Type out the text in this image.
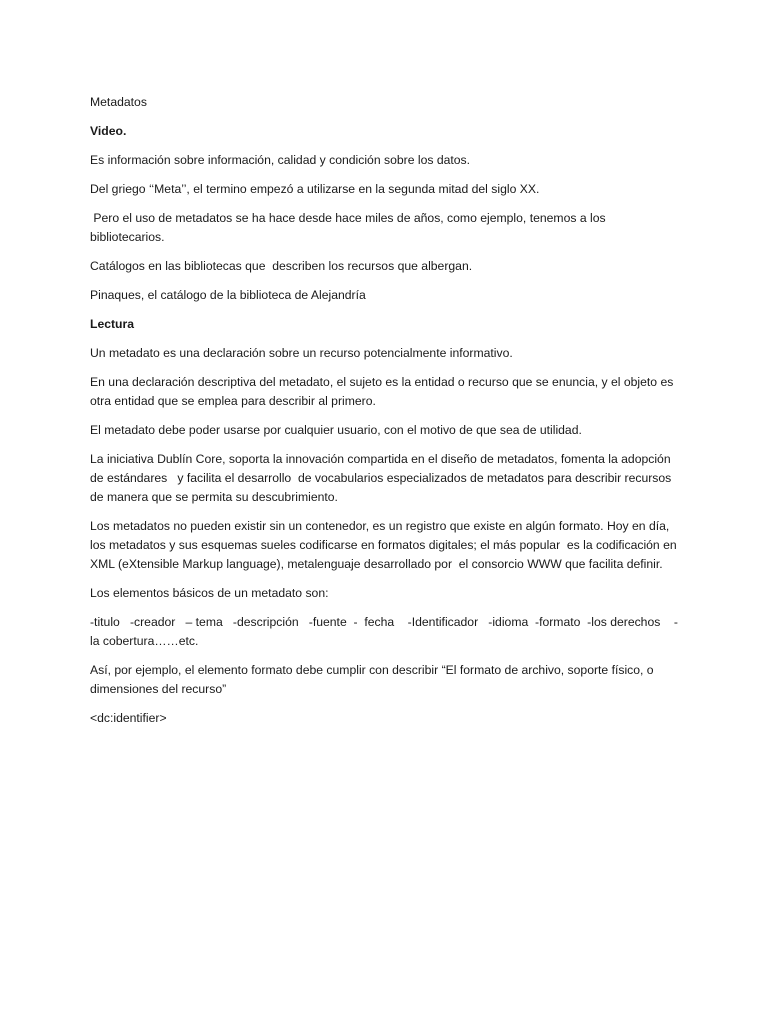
Metadatos

Video.

Es información sobre información, calidad y condición sobre los datos.

Del griego ‘‘Meta’’, el termino empezó a utilizarse en la segunda mitad del siglo XX.

Pero el uso de metadatos se ha hace desde hace miles de años, como ejemplo, tenemos a los bibliotecarios.

Catálogos en las bibliotecas que  describen los recursos que albergan.

Pinaques, el catálogo de la biblioteca de Alejandría

Lectura

Un metadato es una declaración sobre un recurso potencialmente informativo.

En una declaración descriptiva del metadato, el sujeto es la entidad o recurso que se enuncia, y el objeto es otra entidad que se emplea para describir al primero.

El metadato debe poder usarse por cualquier usuario, con el motivo de que sea de utilidad.

La iniciativa Dublín Core, soporta la innovación compartida en el diseño de metadatos, fomenta la adopción de estándares   y facilita el desarrollo  de vocabularios especializados de metadatos para describir recursos de manera que se permita su descubrimiento.

Los metadatos no pueden existir sin un contenedor, es un registro que existe en algún formato. Hoy en día, los metadatos y sus esquemas sueles codificarse en formatos digitales; el más popular  es la codificación en XML (eXtensible Markup language), metalenguaje desarrollado por  el consorcio WWW que facilita definir.

Los elementos básicos de un metadato son:

-titulo   -creador   – tema   -descripción   -fuente  -  fecha    -Identificador   -idioma  -formato  -los derechos    -la cobertura……etc.

Así, por ejemplo, el elemento formato debe cumplir con describir “El formato de archivo, soporte físico, o dimensiones del recurso”

<dc:identifier>
